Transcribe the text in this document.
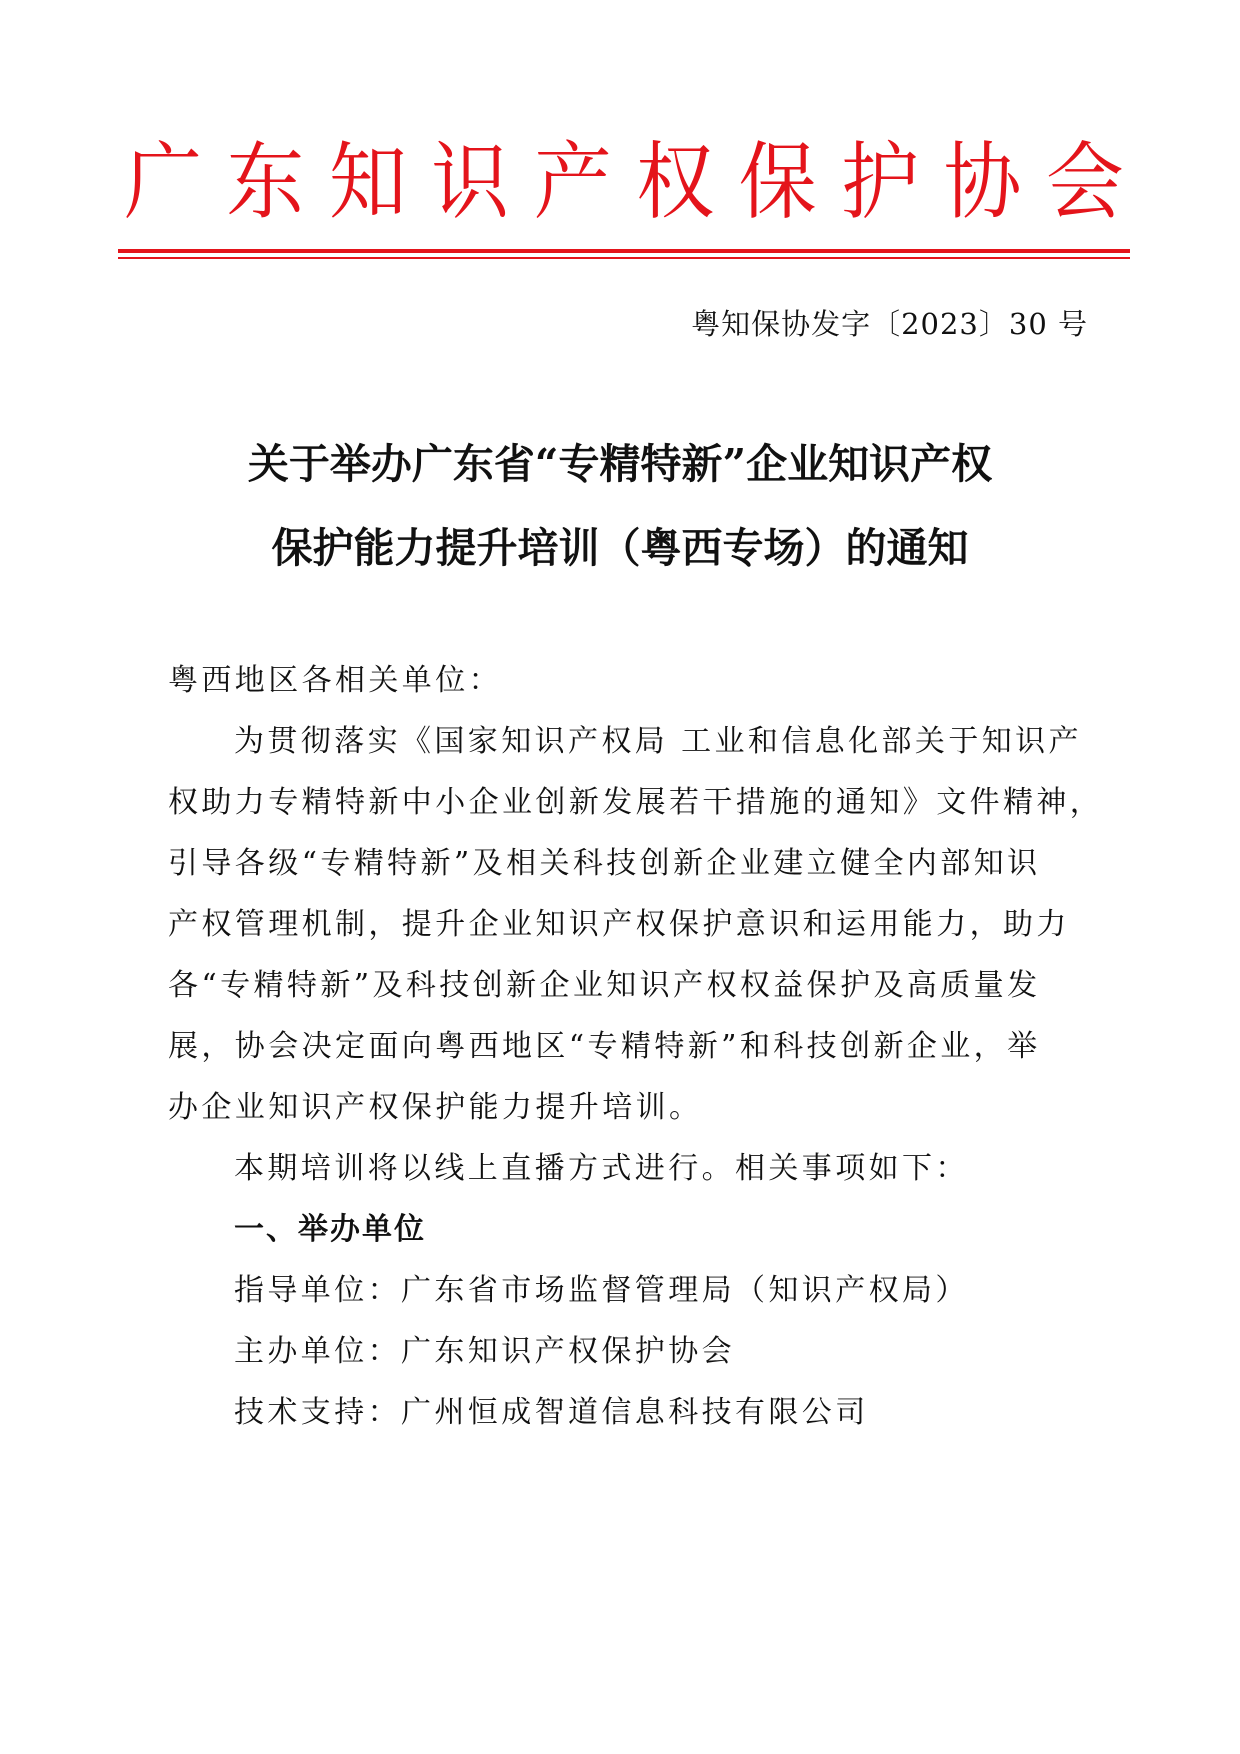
广 东 知 识 产 权 保 护 协 会
粤知保协发字〔2023〕30 号
关于举办广东省“专精特新”企业知识产权
保护能力提升培训（粤西专场）的通知
粤西地区各相关单位：
为贯彻落实《国家知识产权局 工业和信息化部关于知识产
权助力专精特新中小企业创新发展若干措施的通知》文件精神，
引导各级“专精特新”及相关科技创新企业建立健全内部知识
产权管理机制，提升企业知识产权保护意识和运用能力，助力
各“专精特新”及科技创新企业知识产权权益保护及高质量发
展，协会决定面向粤西地区“专精特新”和科技创新企业，举
办企业知识产权保护能力提升培训。
本期培训将以线上直播方式进行。相关事项如下：
一、举办单位
指导单位：广东省市场监督管理局（知识产权局）
主办单位：广东知识产权保护协会
技术支持：广州恒成智道信息科技有限公司
